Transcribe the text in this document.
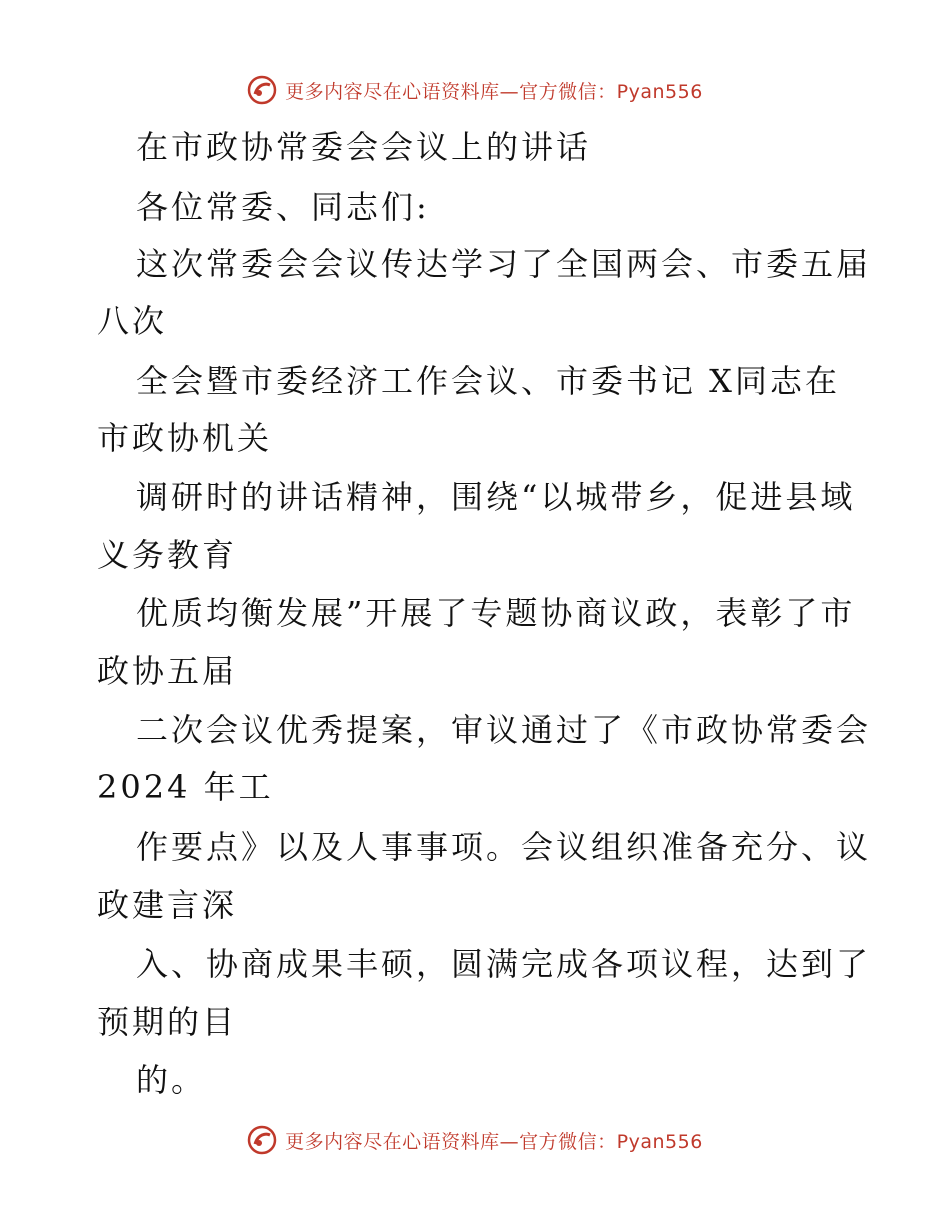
更多内容尽在心语资料库—官方微信：Pyan556
在市政协常委会会议上的讲话
各位常委、同志们:
这次常委会会议传达学习了全国两会、市委五届
八次
全会暨市委经济工作会议、市委书记 X同志在
市政协机关
调研时的讲话精神，围绕“以城带乡，促进县域
义务教育
优质均衡发展”开展了专题协商议政，表彰了市
政协五届
二次会议优秀提案，审议通过了《市政协常委会
2024 年工
作要点》以及人事事项。会议组织准备充分、议
政建言深
入、协商成果丰硕，圆满完成各项议程，达到了
预期的目
的。
更多内容尽在心语资料库—官方微信：Pyan556
